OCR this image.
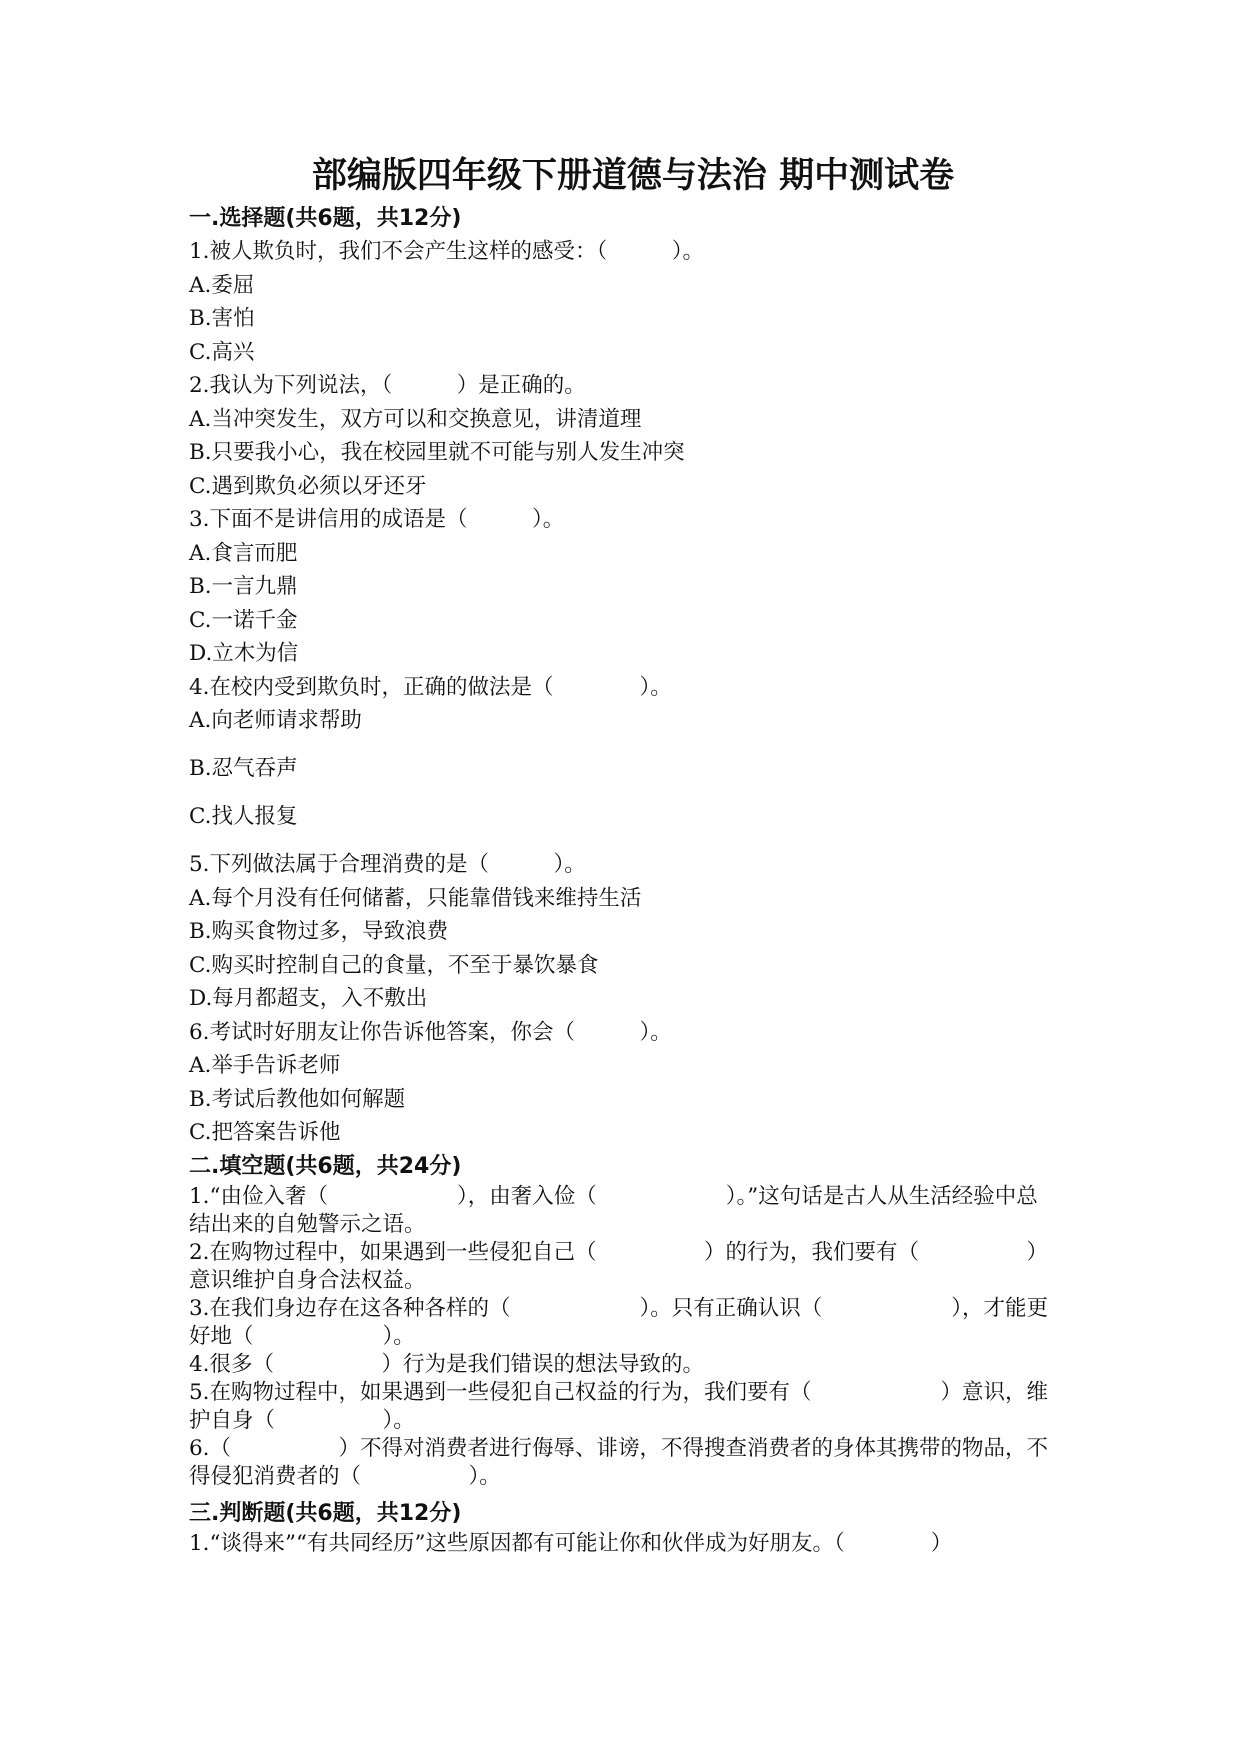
部编版四年级下册道德与法治 期中测试卷
一.选择题(共6题，共12分)
1.被人欺负时，我们不会产生这样的感受：（　　　）。
A.委屈
B.害怕
C.高兴
2.我认为下列说法，（　　　）是正确的。
A.当冲突发生，双方可以和交换意见，讲清道理
B.只要我小心，我在校园里就不可能与别人发生冲突
C.遇到欺负必须以牙还牙
3.下面不是讲信用的成语是（　　　）。
A.食言而肥
B.一言九鼎
C.一诺千金
D.立木为信
4.在校内受到欺负时，正确的做法是（　　　　）。
A.向老师请求帮助
B.忍气吞声
C.找人报复
5.下列做法属于合理消费的是（　　　）。
A.每个月没有任何储蓄，只能靠借钱来维持生活
B.购买食物过多，导致浪费
C.购买时控制自己的食量，不至于暴饮暴食
D.每月都超支，入不敷出
6.考试时好朋友让你告诉他答案，你会（　　　）。
A.举手告诉老师
B.考试后教他如何解题
C.把答案告诉他
二.填空题(共6题，共24分)
1.“由俭入奢（　　　　　　），由奢入俭（　　　　　　）。”这句话是古人从生活经验中总结出来的自勉警示之语。
2.在购物过程中，如果遇到一些侵犯自己（　　　　　）的行为，我们要有（　　　　　）意识维护自身合法权益。
3.在我们身边存在这各种各样的（　　　　　　）。只有正确认识（　　　　　　），才能更好地（　　　　　　）。
4.很多（　　　　　）行为是我们错误的想法导致的。
5.在购物过程中，如果遇到一些侵犯自己权益的行为，我们要有（　　　　　　）意识，维护自身（　　　　　）。
6.（　　　　　）不得对消费者进行侮辱、诽谤，不得搜查消费者的身体其携带的物品，不得侵犯消费者的（　　　　　）。
三.判断题(共6题，共12分)
1.“谈得来”“有共同经历”这些原因都有可能让你和伙伴成为好朋友。（　　　　）
